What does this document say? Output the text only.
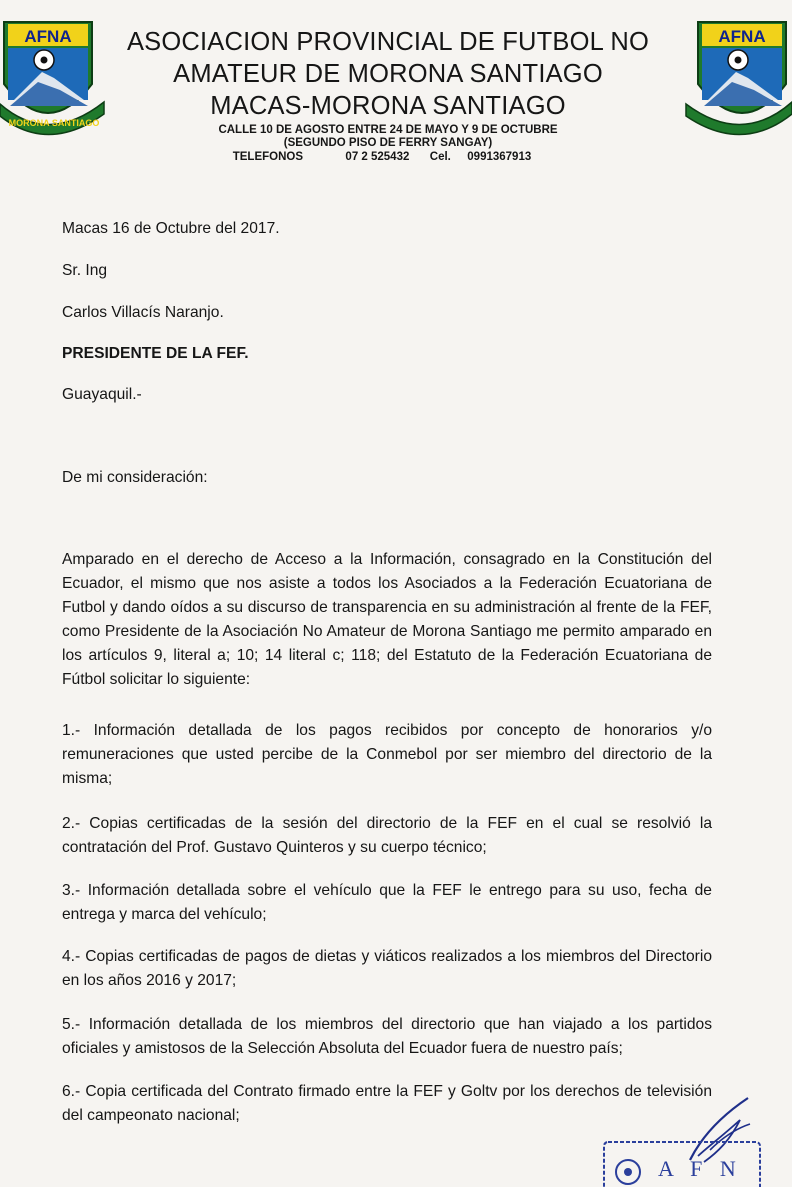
AFNA
MORONA SANTIAGO
AFNA
ASOCIACION PROVINCIAL DE FUTBOL NO
AMATEUR DE MORONA SANTIAGO
MACAS-MORONA SANTIAGO
CALLE 10 DE AGOSTO ENTRE 24 DE MAYO Y 9 DE OCTUBRE
(SEGUNDO PISO DE FERRY SANGAY)
TELEFONOS	07 2 525432 Cel. 0991367913

Macas 16 de Octubre del 2017.

Sr. Ing

Carlos Villacís Naranjo.

PRESIDENTE DE LA FEF.

Guayaquil.-

De mi consideración:

Amparado en el derecho de Acceso a la Información, consagrado en la Constitución del Ecuador, el mismo que nos asiste a todos los Asociados a la Federación Ecuatoriana de Futbol y dando oídos a su discurso de transparencia en su administración al frente de la FEF, como Presidente de la Asociación No Amateur de Morona Santiago me permito amparado en los artículos 9, literal a; 10; 14 literal c; 118; del Estatuto de la Federación Ecuatoriana de Fútbol solicitar lo siguiente:

1.- Información detallada de los pagos recibidos por concepto de honorarios y/o remuneraciones que usted percibe de la Conmebol por ser miembro del directorio de la misma;

2.- Copias certificadas de la sesión del directorio de la FEF en el cual se resolvió la contratación del Prof. Gustavo Quinteros y su cuerpo técnico;

3.- Información detallada sobre el vehículo que la FEF le entrego para su uso, fecha de entrega y marca del vehículo;

4.- Copias certificadas de pagos de dietas y viáticos realizados a los miembros del Directorio en los años 2016 y 2017;

5.- Información detallada de los miembros del directorio que han viajado a los partidos oficiales y amistosos de la Selección Absoluta del Ecuador fuera de nuestro país;

6.- Copia certificada del Contrato firmado entre la FEF y Goltv por los derechos de televisión del campeonato nacional;

A F N
